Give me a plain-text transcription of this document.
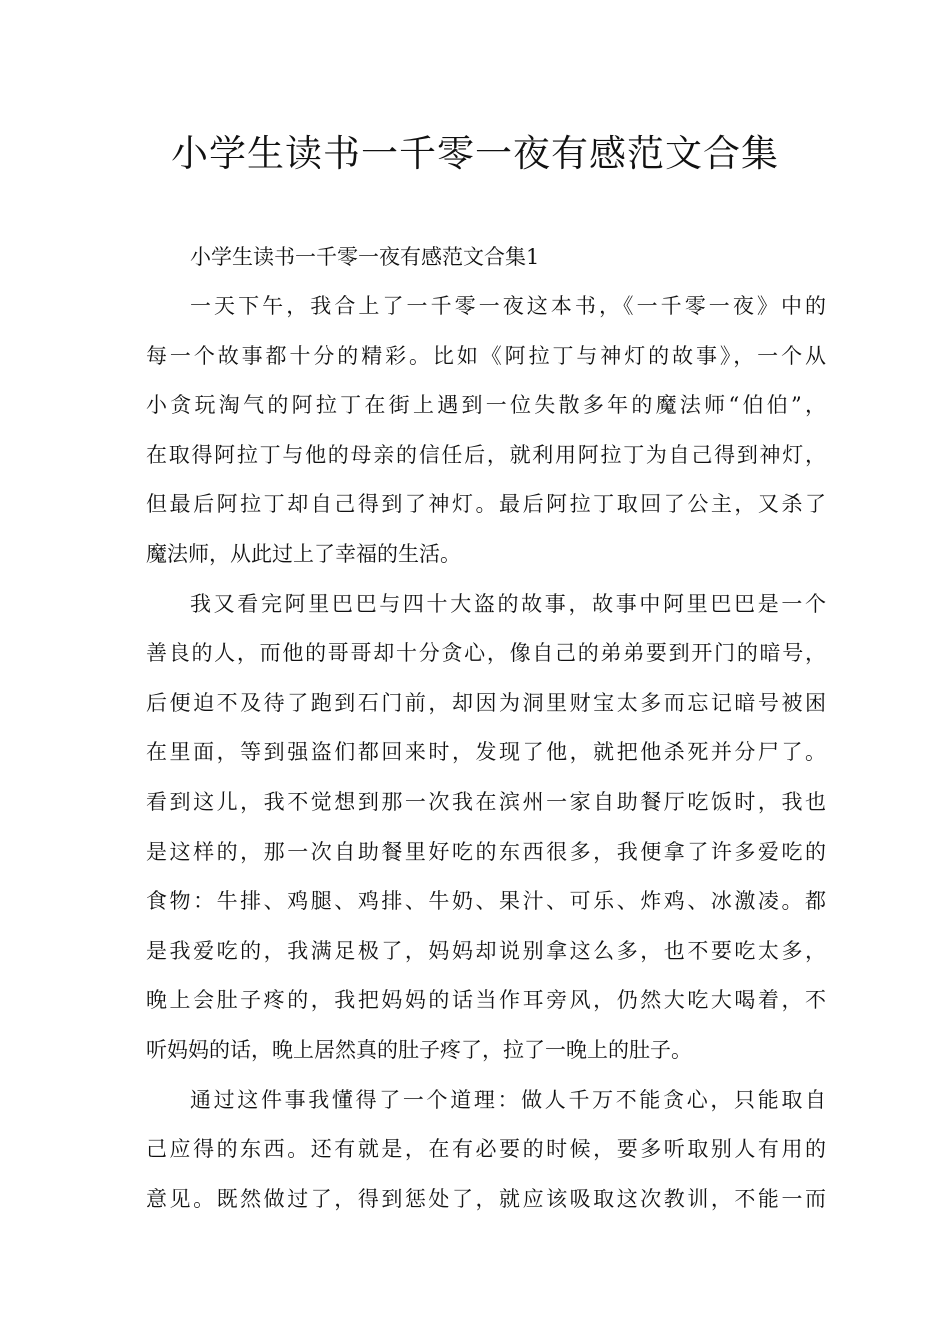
小学生读书一千零一夜有感范文合集

小学生读书一千零一夜有感范文合集1

一天下午，我合上了一千零一夜这本书，《一千零一夜》中的
每一个故事都十分的精彩。比如《阿拉丁与神灯的故事》，一个从
小贪玩淘气的阿拉丁在街上遇到一位失散多年的魔法师“伯伯”，
在取得阿拉丁与他的母亲的信任后，就利用阿拉丁为自己得到神灯，
但最后阿拉丁却自己得到了神灯。最后阿拉丁取回了公主，又杀了
魔法师，从此过上了幸福的生活。

我又看完阿里巴巴与四十大盗的故事，故事中阿里巴巴是一个
善良的人，而他的哥哥却十分贪心，像自己的弟弟要到开门的暗号，
后便迫不及待了跑到石门前，却因为洞里财宝太多而忘记暗号被困
在里面，等到强盗们都回来时，发现了他，就把他杀死并分尸了。
看到这儿，我不觉想到那一次我在滨州一家自助餐厅吃饭时，我也
是这样的，那一次自助餐里好吃的东西很多，我便拿了许多爱吃的
食物：牛排、鸡腿、鸡排、牛奶、果汁、可乐、炸鸡、冰激凌。都
是我爱吃的，我满足极了，妈妈却说别拿这么多，也不要吃太多，
晚上会肚子疼的，我把妈妈的话当作耳旁风，仍然大吃大喝着，不
听妈妈的话，晚上居然真的肚子疼了，拉了一晚上的肚子。

通过这件事我懂得了一个道理：做人千万不能贪心，只能取自
己应得的东西。还有就是，在有必要的时候，要多听取别人有用的
意见。既然做过了，得到惩处了，就应该吸取这次教训，不能一而
